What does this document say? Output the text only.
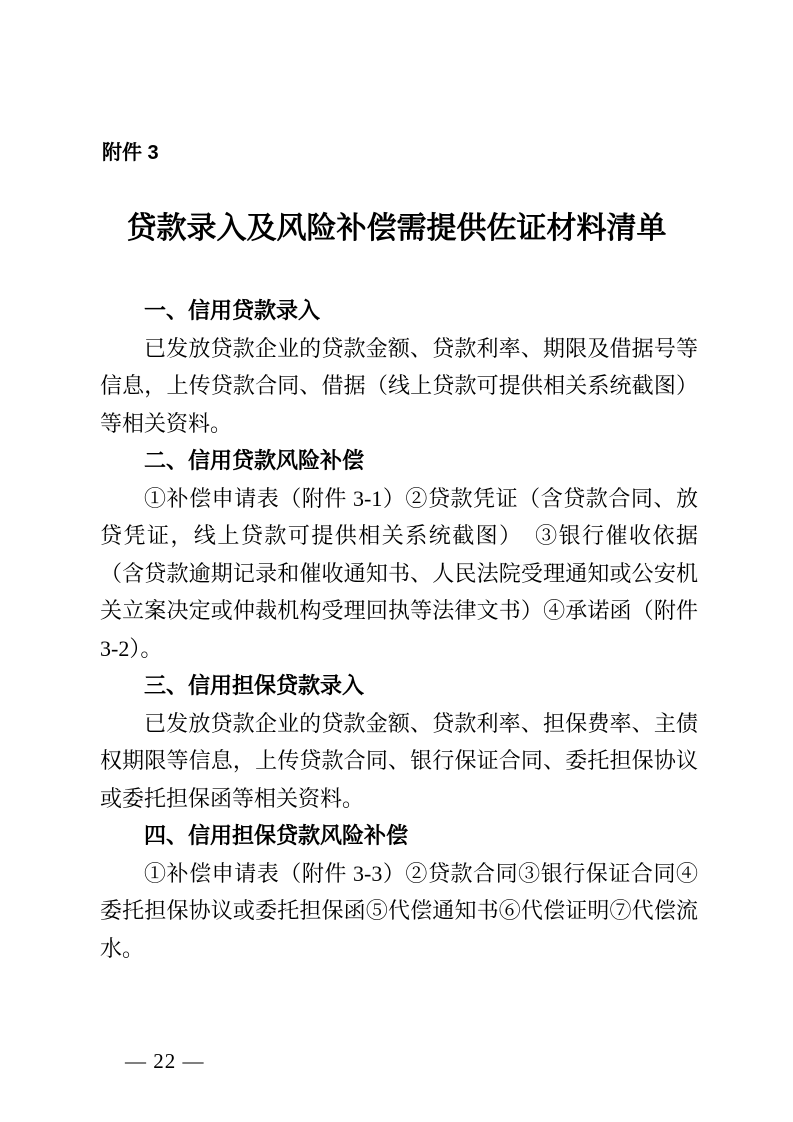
附件 3
贷款录入及风险补偿需提供佐证材料清单
一、信用贷款录入

已发放贷款企业的贷款金额、贷款利率、期限及借据号等信息，上传贷款合同、借据（线上贷款可提供相关系统截图）等相关资料。

二、信用贷款风险补偿

①补偿申请表（附件 3-1）②贷款凭证（含贷款合同、放贷凭证，线上贷款可提供相关系统截图）　③银行催收依据（含贷款逾期记录和催收通知书、人民法院受理通知或公安机关立案决定或仲裁机构受理回执等法律文书）④承诺函（附件 3-2）。

三、信用担保贷款录入

已发放贷款企业的贷款金额、贷款利率、担保费率、主债权期限等信息，上传贷款合同、银行保证合同、委托担保协议或委托担保函等相关资料。

四、信用担保贷款风险补偿

①补偿申请表（附件 3-3）②贷款合同③银行保证合同④委托担保协议或委托担保函⑤代偿通知书⑥代偿证明⑦代偿流水。

— 22 —
